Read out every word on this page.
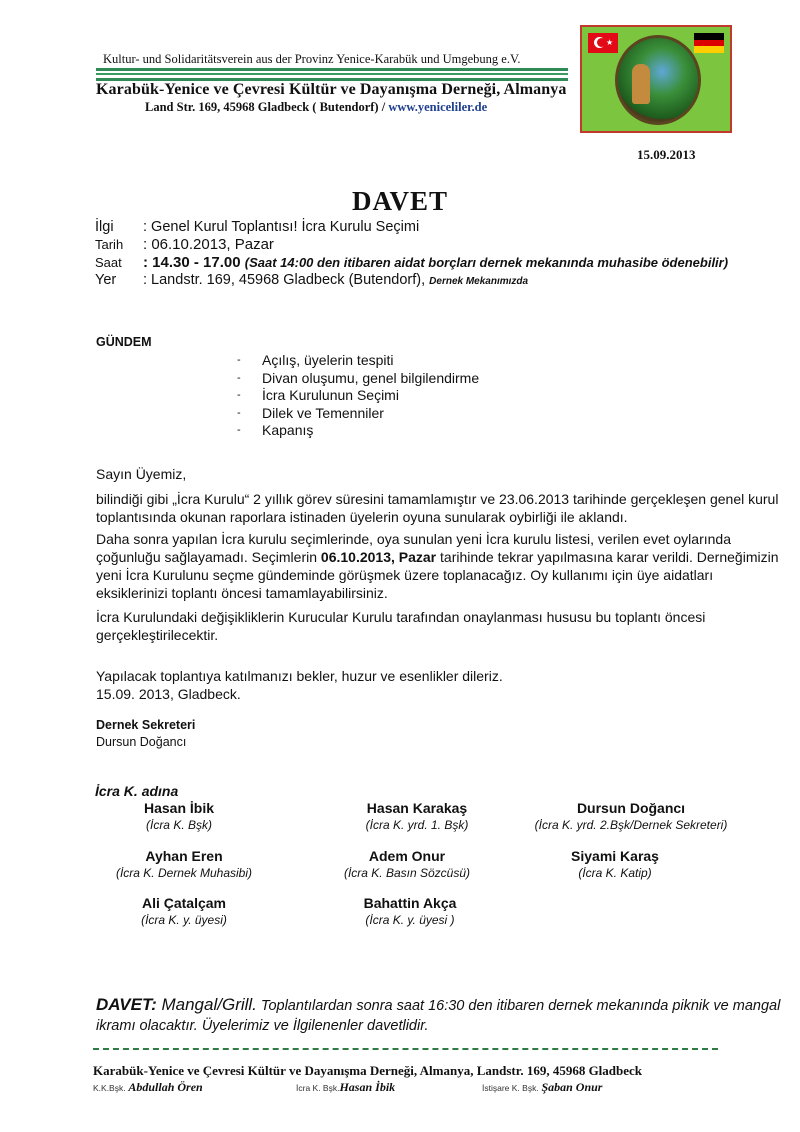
Kultur- und Solidaritätsverein aus der Provinz Yenice-Karabük und Umgebung e.V.
Karabük-Yenice ve Çevresi Kültür ve Dayanışma Derneği, Almanya
Land Str. 169, 45968 Gladbeck ( Butendorf) / www.yeniceliler.de
★
15.09.2013
DAVET
İlgi : Genel Kurul Toplantısı! İcra Kurulu Seçimi
Tarih : 06.10.2013, Pazar
Saat : 14.30 - 17.00 (Saat 14:00 den itibaren aidat borçları dernek mekanında muhasibe ödenebilir)
Yer : Landstr. 169, 45968 Gladbeck (Butendorf), Dernek Mekanımızda
GÜNDEM
- Açılış, üyelerin tespiti
- Divan oluşumu, genel bilgilendirme
- İcra Kurulunun Seçimi
- Dilek ve Temenniler
- Kapanış
Sayın Üyemiz,
bilindiği gibi „İcra Kurulu“ 2 yıllık görev süresini tamamlamıştır ve 23.06.2013 tarihinde gerçekleşen genel kurul toplantısında okunan raporlara istinaden üyelerin oyuna sunularak oybirliği ile aklandı.
Daha sonra yapılan İcra kurulu seçimlerinde, oya sunulan yeni İcra kurulu listesi, verilen evet oylarında çoğunluğu sağlayamadı. Seçimlerin 06.10.2013, Pazar tarihinde tekrar yapılmasına karar verildi. Derneğimizin yeni İcra Kurulunu seçme gündeminde görüşmek üzere toplanacağız. Oy kullanımı için üye aidatları eksiklerinizi toplantı öncesi tamamlayabilirsiniz.
İcra Kurulundaki değişikliklerin Kurucular Kurulu tarafından onaylanması hususu bu toplantı öncesi gerçekleştirilecektir.
Yapılacak toplantıya katılmanızı bekler, huzur ve esenlikler dileriz.
15.09. 2013, Gladbeck.
Dernek Sekreteri
Dursun Doğancı
İcra K. adına
Hasan İbik
(İcra K. Bşk)
Hasan Karakaş
(İcra K. yrd. 1. Bşk)
Dursun Doğancı
(İcra K. yrd. 2.Bşk/Dernek Sekreteri)
Ayhan Eren
(İcra K. Dernek Muhasibi)
Adem Onur
(İcra K. Basın Sözcüsü)
Siyami Karaş
(İcra K. Katip)
Ali Çatalçam
(İcra K. y. üyesi)
Bahattin Akça
(İcra K. y. üyesi )
DAVET: Mangal/Grill. Toplantılardan sonra saat 16:30 den itibaren dernek mekanında piknik ve mangal ikramı olacaktır. Üyelerimiz ve İlgilenenler davetlidir.
Karabük-Yenice ve Çevresi Kültür ve Dayanışma Derneği, Almanya, Landstr. 169, 45968 Gladbeck
K.K.Bşk. Abdullah Ören	İcra K. Bşk.Hasan İbik	İstişare K. Bşk. Şaban Onur
